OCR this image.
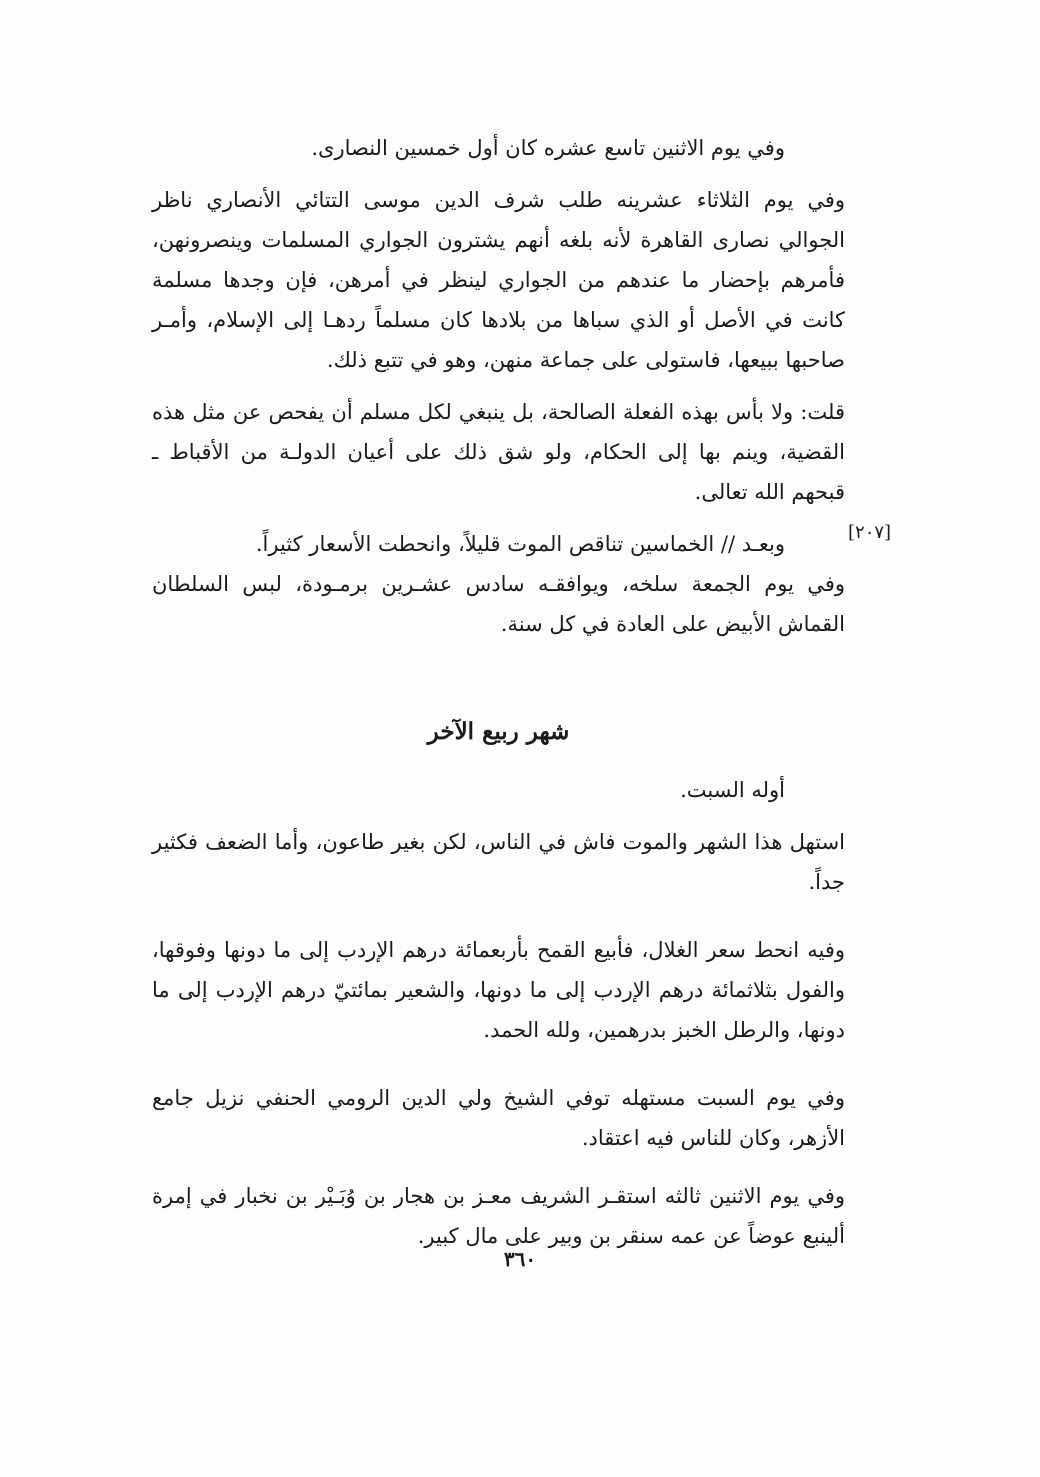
وفي يوم الاثنين تاسع عشره كان أول خمسين النصارى.

وفي يوم الثلاثاء عشرينه طلب شرف الدين موسى التتائي الأنصاري ناظر الجوالي نصارى القاهرة لأنه بلغه أنهم يشترون الجواري المسلمات وينصرونهن، فأمرهم بإحضار ما عندهم من الجواري لينظر في أمرهن، فإن وجدها مسلمة كانت في الأصل أو الذي سباها من بلادها كان مسلماً ردهـا إلى الإسلام، وأمـر صاحبها ببيعها، فاستولى على جماعة منهن، وهو في تتبع ذلك.

قلت: ولا بأس بهذه الفعلة الصالحة، بل ينبغي لكل مسلم أن يفحص عن مثل هذه القضية، وينم بها إلى الحكام، ولو شق ذلك على أعيان الدولـة من الأقباط ـ قبحهم الله تعالى.

وبعـد // الخماسين تناقص الموت قليلاً، وانحطت الأسعار كثيراً.

وفي يوم الجمعة سلخه، ويوافقـه سادس عشـرين برمـودة، لبس السلطان القماش الأبيض على العادة في كل سنة.

[٢٠٧]

شهر ربيع الآخر

أوله السبت.

استهل هذا الشهر والموت فاش في الناس، لكن بغير طاعون، وأما الضعف فكثير جداً.

وفيه انحط سعر الغلال، فأبيع القمح بأربعمائة درهم الإردب إلى ما دونها وفوقها، والفول بثلاثمائة درهم الإردب إلى ما دونها، والشعير بمائتيّ درهم الإردب إلى ما دونها، والرطل الخبز بدرهمين، ولله الحمد.

وفي يوم السبت مستهله توفي الشيخ ولي الدين الرومي الحنفي نزيل جامع الأزهر، وكان للناس فيه اعتقاد.

وفي يوم الاثنين ثالثه استقـر الشريف معـز بن هجار بن وُبَـيْر بن نخبار في إمرة ألينبع عوضاً عن عمه سنقر بن وبير على مال كبير.

٣٦٠
